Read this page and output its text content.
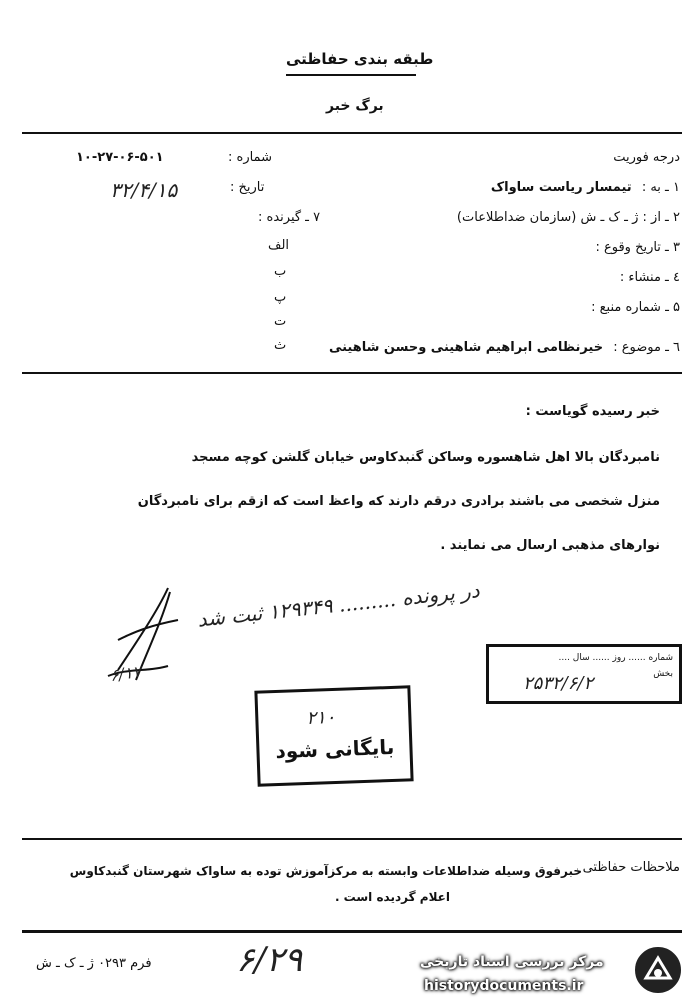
طبقه بندی حفاظتی
برگ خبر
درجه فوریت
شماره :
۱۰-۲۷-۰۶-۵۰۱
تاریخ :
۳۲/۴/۱۵	۱ ـ به : تیمسار ریاست ساواک
۲ ـ از : ژ ـ ک ـ ش (سازمان ضداطلاعات)
۳ ـ تاریخ وقوع :
٤ ـ منشاء :
۵ ـ شماره منبع :
٦ ـ موضوع : خیرنظامی ابراهیم شاهینی وحسن شاهینی
۷ ـ گیرنده :
الف
ب
پ
ت
ث
خبر رسیده گویاست :
نامبردگان بالا اهل شاهسوره وساکن گنبدکاوس خیابان گلشن کوچه مسجد
منزل شخصی می باشند برادری درقم دارند که واعظ است که ازقم برای نامبردگان
نوارهای مذهبی ارسال می نمایند .
در پرونده ......... ۱۲۹۳۴۹ ثبت شد
۶/۱۷
شماره ...... روز ...... سال ....
بخش
۲۵۳۲/۶/۲
۲۱۰
بایگانی شود
ملاحظات حفاظتی
خبرفوق وسیله ضداطلاعات وابسته به مرکزآموزش توده به ساواک شهرستان گنبدکاوس
اعلام گردیده است .
فرم ۰۲۹۳ ژ ـ ک ـ ش ۶/۲۹	مرکز بررسی اسناد تاریخی
historydocuments.ir
